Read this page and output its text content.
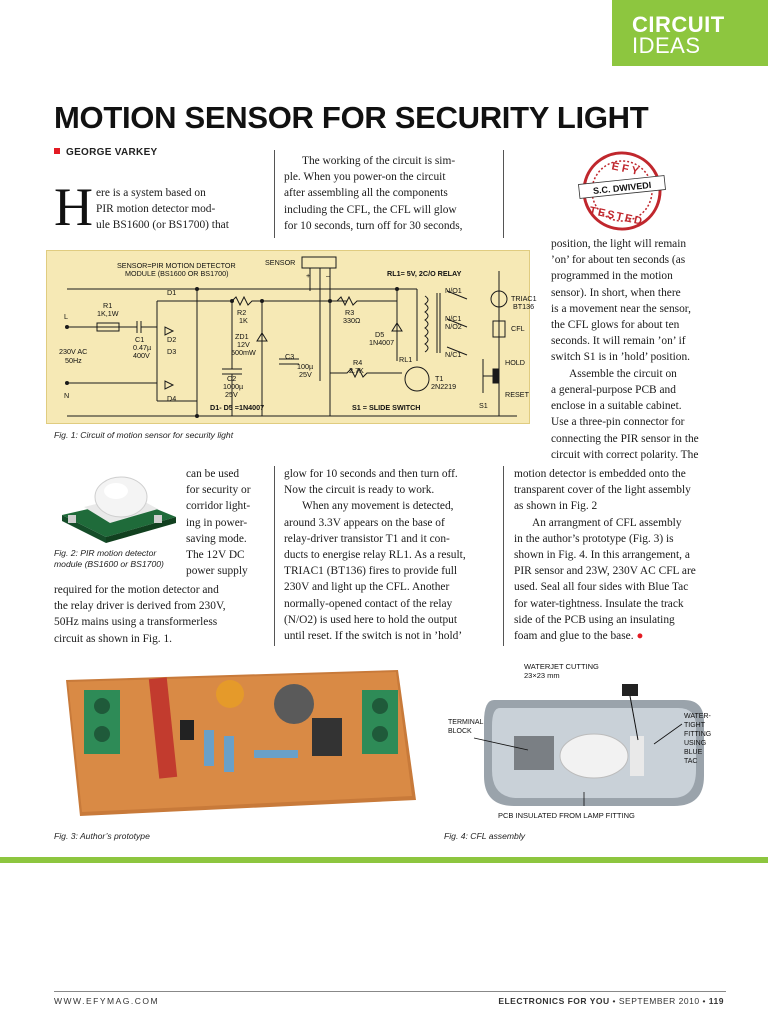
CIRCUIT
IDEAS
MOTION SENSOR FOR SECURITY LIGHT
GEORGE VARKEY
H ere is a system based on
PIR motion detector mod-
ule BS1600 (or BS1700) that
The working of the circuit is sim-
ple. When you power-on the circuit
after assembling all the components
including the CFL, the CFL will glow
for 10 seconds, turn off for 30 seconds,
EFY
TESTED
S.C. DWIVEDI
position, the light will remain
’on’ for about ten seconds (as
programmed in the motion
sensor). In short, when there
is a movement near the sensor,
the CFL glows for about ten
seconds. It will remain ’on’ if
switch S1 is in ’hold’ position.
Assemble the circuit on
a general-purpose PCB and
enclose in a suitable cabinet.
Use a three-pin connector for
connecting the PIR sensor in the
circuit with correct polarity. The
SENSOR=PIR MOTION DETECTOR
MODULE (BS1600 OR BS1700)
SENSOR
+ –	RL1= 5V, 2C/O RELAY
L
N
230V AC
50Hz
R1
1K,1W
C1
0.47µ
400V
D1
D2
D3
D4
R2
1K
ZD1
12V
500mW
C2
1000µ
25V
C3
100µ
25V
R3
330Ω
D5
1N4007
R4
2.7K
RL1
T1
2N2219
N/O1
N/C1
N/O2
N/C1
TRIAC1
BT136
CFL
HOLD
RESET
S1
D1- D5 =1N4007	S1 = SLIDE SWITCH
Fig. 1: Circuit of motion sensor for security light
Fig. 2: PIR motion detector
module (BS1600 or BS1700)
can be used
for security or
corridor light-
ing in power-
saving mode.
The 12V DC
power supply
required for the motion detector and
the relay driver is derived from 230V,
50Hz mains using a transformerless
circuit as shown in Fig. 1.
glow for 10 seconds and then turn off.
Now the circuit is ready to work.
When any movement is detected,
around 3.3V appears on the base of
relay-driver transistor T1 and it con-
ducts to energise relay RL1. As a result,
TRIAC1 (BT136) fires to provide full
230V and light up the CFL. Another
normally-opened contact of the relay
(N/O2) is used here to hold the output
until reset. If the switch is not in ’hold’
motion detector is embedded onto the
transparent cover of the light assembly
as shown in Fig. 2
An arrangment of CFL assembly
in the author’s prototype (Fig. 3) is
shown in Fig. 4. In this arrangement, a
PIR sensor and 23W, 230V AC CFL are
used. Seal all four sides with Blue Tac
for water-tightness. Insulate the track
side of the PCB using an insulating
foam and glue to the base. ●
Fig. 3: Author’s prototype
WATERJET CUTTING
23×23 mm
TERMINAL
BLOCK
WATER-
TIGHT
FITTING
USING
BLUE
TAC
PCB INSULATED FROM LAMP FITTING
Fig. 4: CFL assembly
WWW.EFYMAG.COM	ELECTRONICS FOR YOU • SEPTEMBER 2010 • 119
